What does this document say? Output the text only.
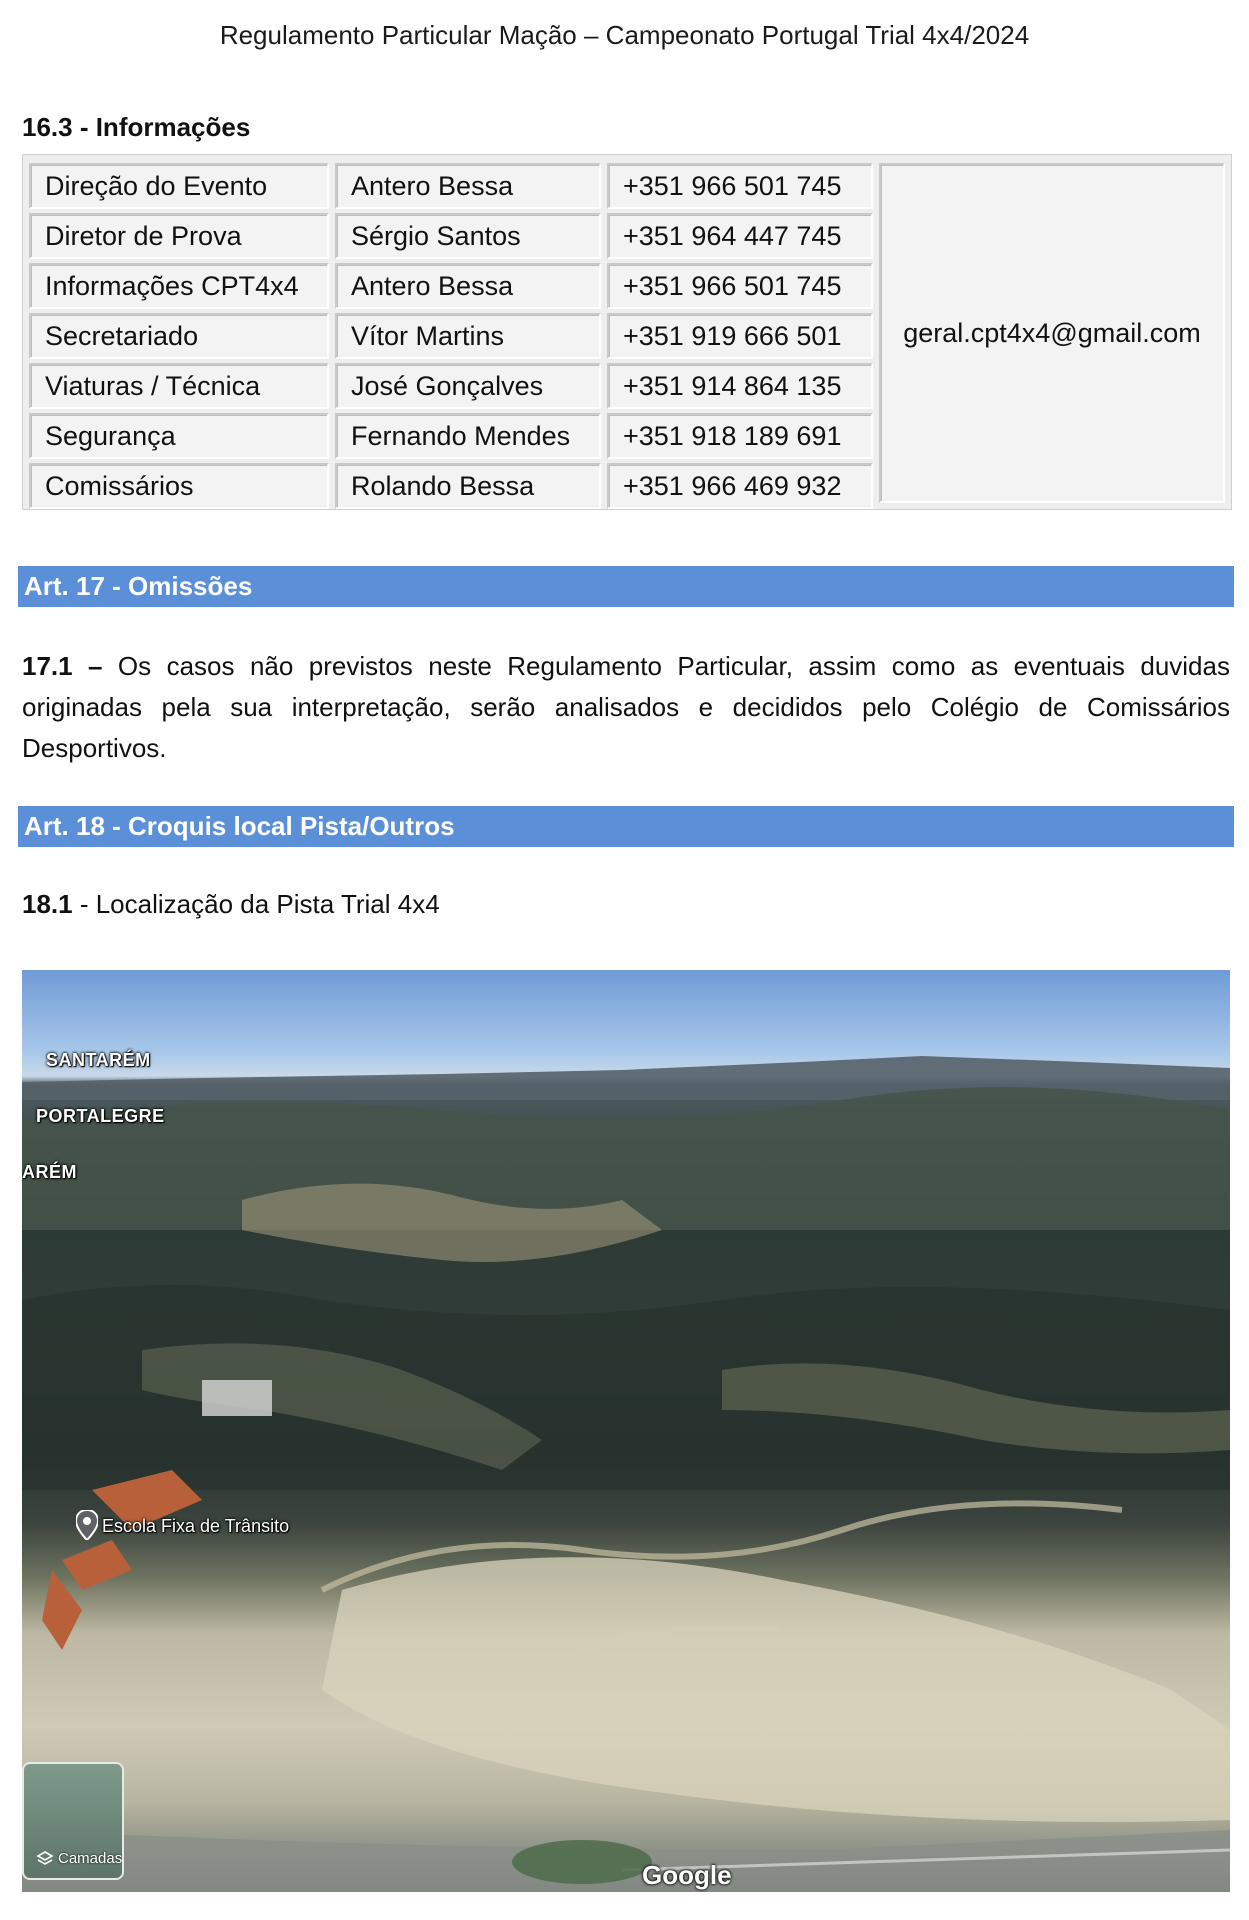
Regulamento Particular Mação – Campeonato Portugal Trial 4x4/2024
16.3 - Informações
geral.cpt4x4@gmail.com
Direção do Evento	Antero Bessa	+351 966 501 745
Diretor de Prova	Sérgio Santos	+351 964 447 745
Informações CPT4x4	Antero Bessa	+351 966 501 745
Secretariado	Vítor Martins	+351 919 666 501
Viaturas / Técnica	José Gonçalves	+351 914 864 135
Segurança	Fernando Mendes	+351 918 189 691
Comissários	Rolando Bessa	+351 966 469 932
Art. 17 - Omissões
17.1 – Os casos não previstos neste Regulamento Particular, assim como as eventuais duvidas originadas pela sua interpretação, serão analisados e decididos pelo Colégio de Comissários Desportivos.
Art. 18 - Croquis local Pista/Outros
18.1 - Localização da Pista Trial 4x4
SANTARÉM
PORTALEGRE
ARÉM
Escola Fixa de Trânsito
Camadas
Google
